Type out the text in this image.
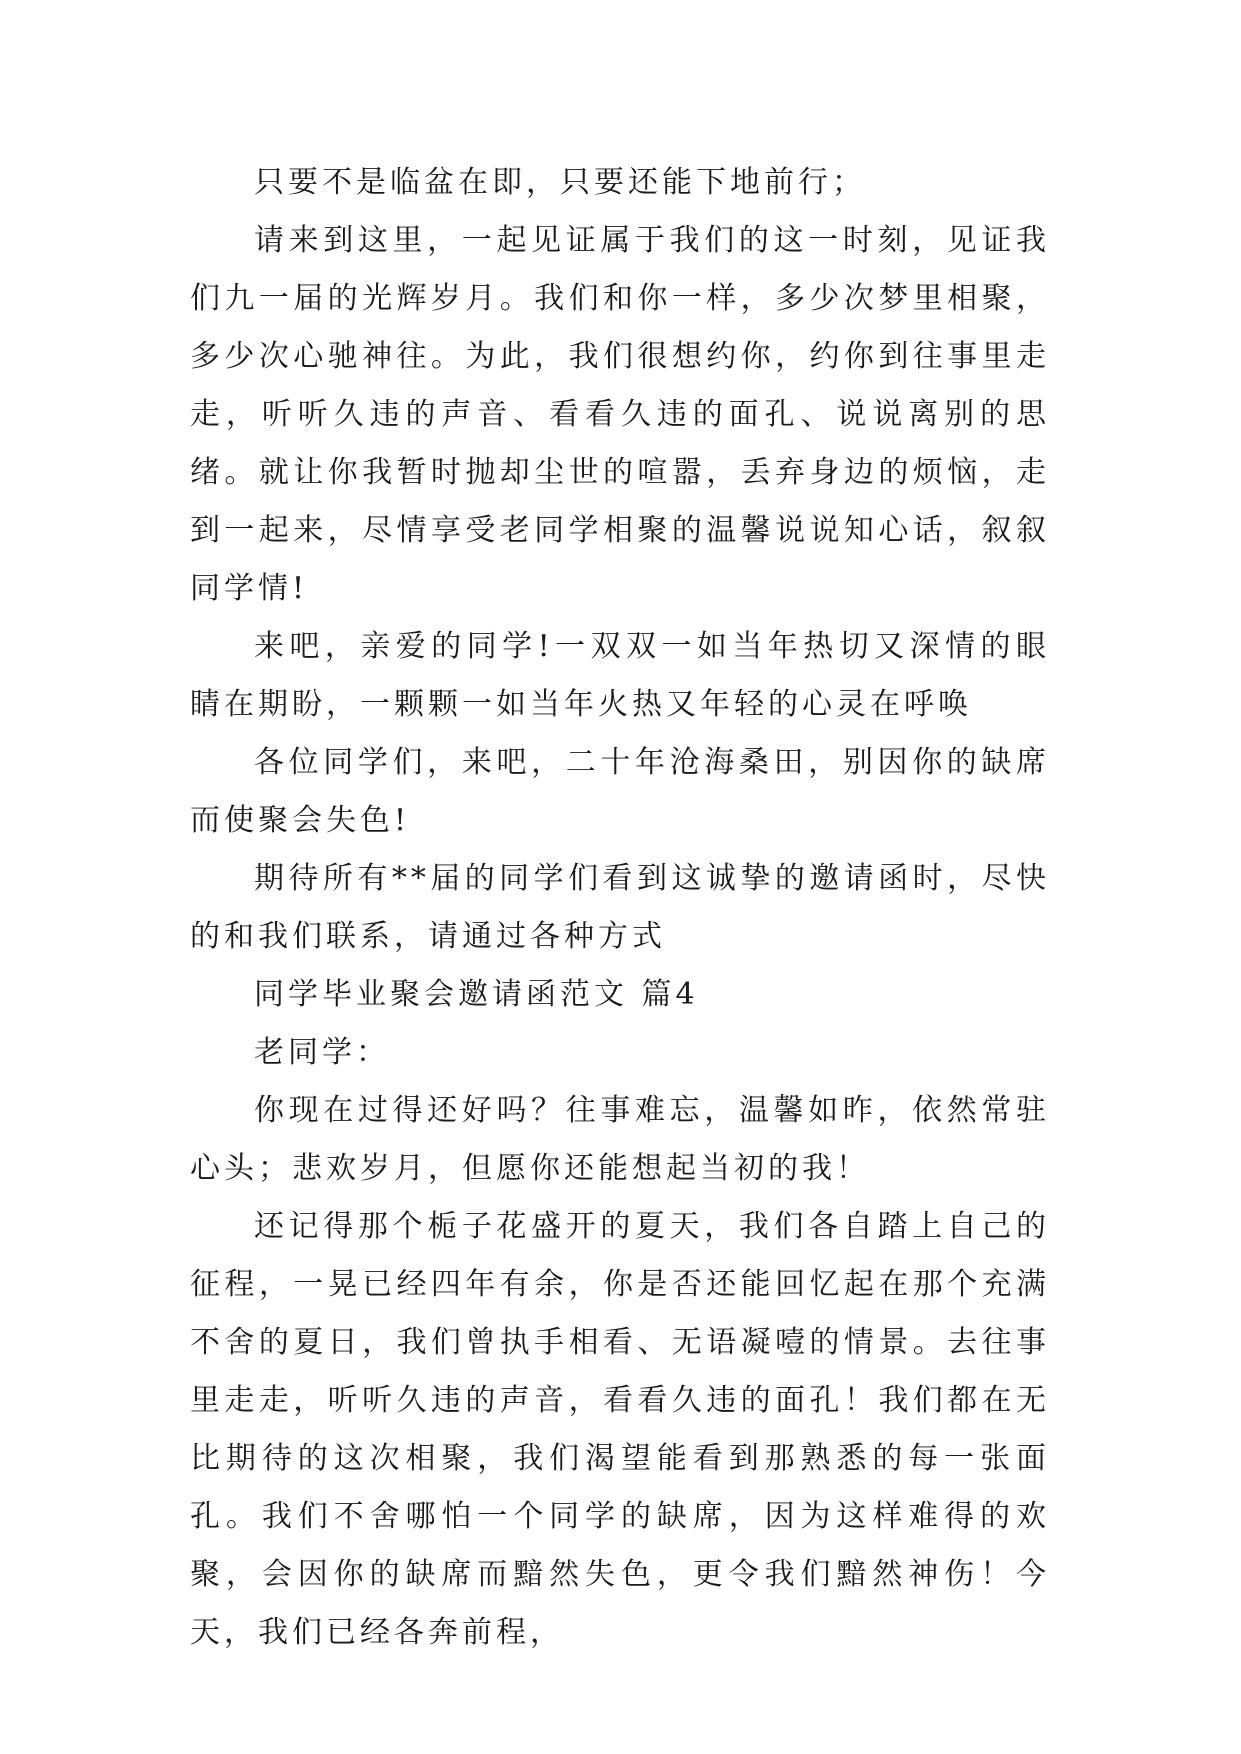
只要不是临盆在即，只要还能下地前行；

请来到这里，一起见证属于我们的这一时刻，见证我们九一届的光辉岁月。我们和你一样，多少次梦里相聚，多少次心驰神往。为此，我们很想约你，约你到往事里走走，听听久违的声音、看看久违的面孔、说说离别的思绪。就让你我暂时抛却尘世的喧嚣，丢弃身边的烦恼，走到一起来，尽情享受老同学相聚的温馨说说知心话，叙叙同学情!

来吧，亲爱的同学!一双双一如当年热切又深情的眼睛在期盼，一颗颗一如当年火热又年轻的心灵在呼唤

各位同学们，来吧，二十年沧海桑田，别因你的缺席而使聚会失色!

期待所有**届的同学们看到这诚挚的邀请函时，尽快的和我们联系，请通过各种方式

同学毕业聚会邀请函范文 篇4

老同学：

你现在过得还好吗？往事难忘，温馨如昨，依然常驻心头；悲欢岁月，但愿你还能想起当初的我！

还记得那个栀子花盛开的夏天，我们各自踏上自己的征程，一晃已经四年有余，你是否还能回忆起在那个充满不舍的夏日，我们曾执手相看、无语凝噎的情景。去往事里走走，听听久违的声音，看看久违的面孔！我们都在无比期待的这次相聚，我们渴望能看到那熟悉的每一张面孔。我们不舍哪怕一个同学的缺席，因为这样难得的欢聚，会因你的缺席而黯然失色，更令我们黯然神伤！今天，我们已经各奔前程，
